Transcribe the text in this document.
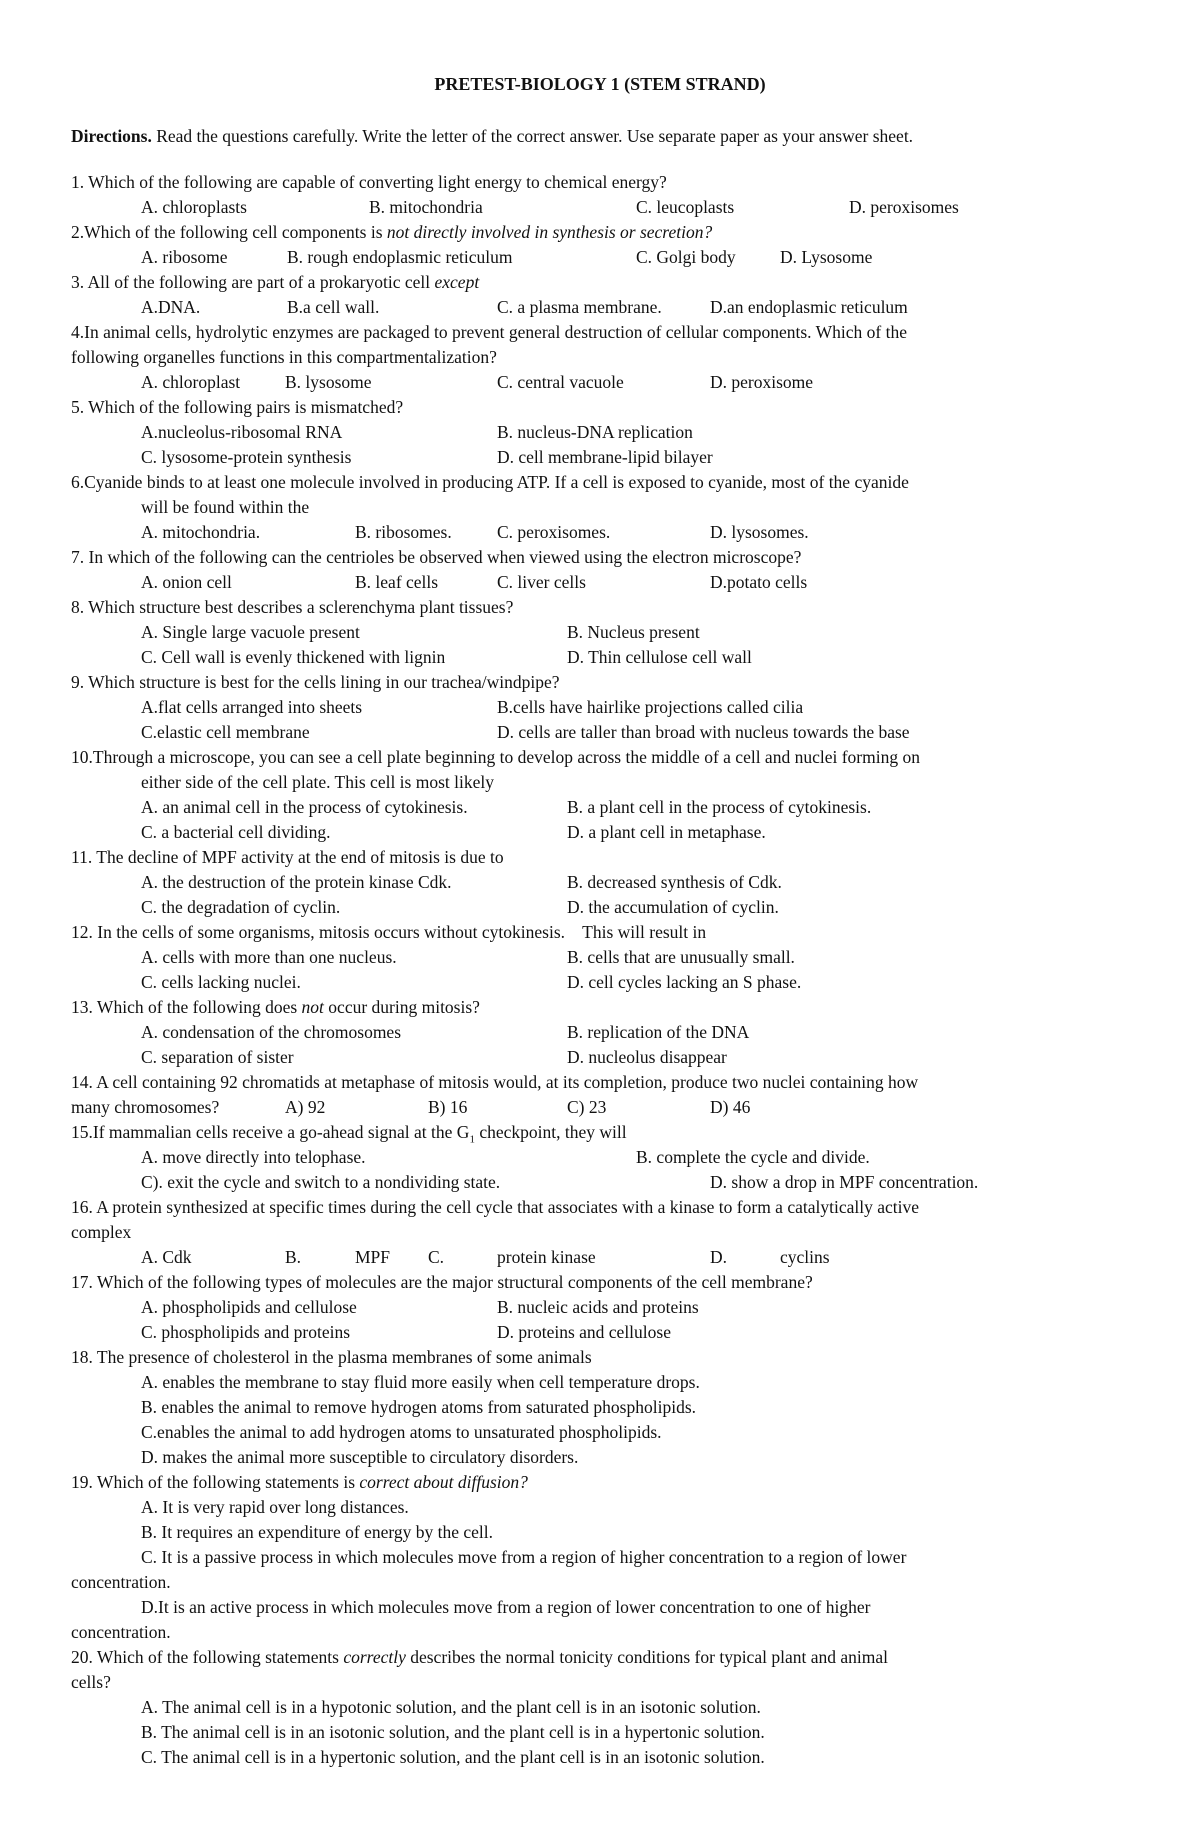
PRETEST-BIOLOGY 1 (STEM STRAND)
Directions. Read the questions carefully. Write the letter of the correct answer. Use separate paper as your answer sheet.
1. Which of the following are capable of converting light energy to chemical energy?
A. chloroplasts	B. mitochondria	C. leucoplasts	D. peroxisomes
2.Which of the following cell components is not directly involved in synthesis or secretion?
A. ribosome	B. rough endoplasmic reticulum	C. Golgi body	D. Lysosome
3. All of the following are part of a prokaryotic cell except
A.DNA.	B.a cell wall.	C. a plasma membrane.	D.an endoplasmic reticulum
4.In animal cells, hydrolytic enzymes are packaged to prevent general destruction of cellular components. Which of the
following organelles functions in this compartmentalization?
A. chloroplast	B. lysosome	C. central vacuole	D. peroxisome
5. Which of the following pairs is mismatched?
A.nucleolus-ribosomal RNA	B. nucleus-DNA replication
C. lysosome-protein synthesis	D. cell membrane-lipid bilayer
6.Cyanide binds to at least one molecule involved in producing ATP. If a cell is exposed to cyanide, most of the cyanide
will be found within the
A. mitochondria.	B. ribosomes.	C. peroxisomes.	D. lysosomes.
7. In which of the following can the centrioles be observed when viewed using the electron microscope?
A. onion cell	B. leaf cells	C. liver cells	D.potato cells
8. Which structure best describes a sclerenchyma plant tissues?
A. Single large vacuole present	B. Nucleus present
C. Cell wall is evenly thickened with lignin	D. Thin cellulose cell wall
9. Which structure is best for the cells lining in our trachea/windpipe?
A.flat cells arranged into sheets	B.cells have hairlike projections called cilia
C.elastic cell membrane	D. cells are taller than broad with nucleus towards the base
10.Through a microscope, you can see a cell plate beginning to develop across the middle of a cell and nuclei forming on
either side of the cell plate. This cell is most likely
A. an animal cell in the process of cytokinesis.	B. a plant cell in the process of cytokinesis.
C. a bacterial cell dividing.	D. a plant cell in metaphase.
11. The decline of MPF activity at the end of mitosis is due to
A. the destruction of the protein kinase Cdk.	B. decreased synthesis of Cdk.
C. the degradation of cyclin.	D. the accumulation of cyclin.
12. In the cells of some organisms, mitosis occurs without cytokinesis.    This will result in
A. cells with more than one nucleus.	B. cells that are unusually small.
C. cells lacking nuclei.	D. cell cycles lacking an S phase.
13. Which of the following does not occur during mitosis?
A. condensation of the chromosomes	B. replication of the DNA
C. separation of sister	D. nucleolus disappear
14. A cell containing 92 chromatids at metaphase of mitosis would, at its completion, produce two nuclei containing how
many chromosomes?	A) 92	B) 16	C) 23	D) 46
15.If mammalian cells receive a go-ahead signal at the $G_1$ checkpoint, they will
A. move directly into telophase.	B. complete the cycle and divide.
C). exit the cycle and switch to a nondividing state.	D. show a drop in MPF concentration.
16. A protein synthesized at specific times during the cell cycle that associates with a kinase to form a catalytically active
complex
A. Cdk	B.	MPF C.	protein kinase	D.	cyclins
17. Which of the following types of molecules are the major structural components of the cell membrane?
A. phospholipids and cellulose	B. nucleic acids and proteins
C. phospholipids and proteins	D. proteins and cellulose
18. The presence of cholesterol in the plasma membranes of some animals
A. enables the membrane to stay fluid more easily when cell temperature drops.
B. enables the animal to remove hydrogen atoms from saturated phospholipids.
C.enables the animal to add hydrogen atoms to unsaturated phospholipids.
D. makes the animal more susceptible to circulatory disorders.
19. Which of the following statements is correct about diffusion?
A. It is very rapid over long distances.
B. It requires an expenditure of energy by the cell.
C. It is a passive process in which molecules move from a region of higher concentration to a region of lower
concentration.
D.It is an active process in which molecules move from a region of lower concentration to one of higher
concentration.
20. Which of the following statements correctly describes the normal tonicity conditions for typical plant and animal
cells?
A. The animal cell is in a hypotonic solution, and the plant cell is in an isotonic solution.
B. The animal cell is in an isotonic solution, and the plant cell is in a hypertonic solution.
C. The animal cell is in a hypertonic solution, and the plant cell is in an isotonic solution.
